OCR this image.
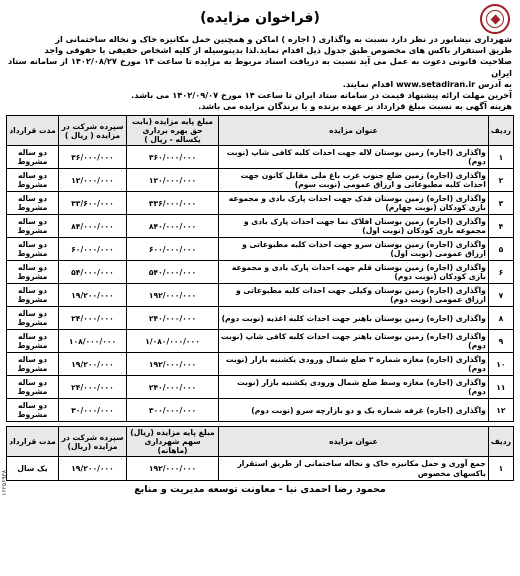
۱۶۲۵۶۹۳۸
(فراخوان مزایده)

شهرداری نیشابور در نظر دارد نسبت به واگذاری ( اجاره ) اماکن و همچنین حمل مکانیزه خاک و نخاله ساختمانی از

طریق استقرار باکس های مخصوص طبق جدول ذیل اقدام نماید.لذا بدینوسیله از کلیه اشخاص حقیقی یا حقوقی واجد

صلاحیت قانونی دعوت به عمل می آید نسبت به دریافت اسناد مربوط به مزایده تا ساعت ۱۴ مورخ ۱۴۰۲/۰۸/۲۷ از سامانه ستاد ایران

به آدرس www.setadiran.ir اقدام نمایند.

آخرین مهلت ارائه پیشنهاد قیمت در سامانه ستاد ایران تا ساعت ۱۴ مورخ ۱۴۰۲/۰۹/۰۷ می باشد.

هزینه آگهی به نسبت مبلغ قرارداد بر عهده برنده و یا برندگان مزایده می باشد.

ردیف	عنوان مزایده	مبلغ پایه مزایده (بابت حق بهره برداری یکساله - ریال )	سپرده شرکت در مزایده ( ریال )	مدت قرارداد
۱	واگذاری (اجاره) زمین بوستان لاله جهت احداث کلبه کافی شاپ (نوبت دوم)	۳۶۰/۰۰۰/۰۰۰	۳۶/۰۰۰/۰۰۰	دو ساله مشروط
۲	واگذاری (اجاره) زمین ضلع جنوب غرب باغ ملی مقابل کانون جهت احداث کلبه مطبوعاتی و ارزاق عمومی (نوبت سوم)	۱۲۰/۰۰۰/۰۰۰	۱۲/۰۰۰/۰۰۰	دو ساله مشروط
۳	واگذاری (اجاره) زمین بوستان فدک جهت احداث پارک بادی و مجموعه بازی کودکان (نوبت چهارم)	۳۳۶/۰۰۰/۰۰۰	۳۳/۶۰۰/۰۰۰	دو ساله مشروط
۴	واگذاری (اجاره) زمین بوستان افلاک نما جهت احداث پارک بادی و مجموعه بازی کودکان (نوبت اول)	۸۴۰/۰۰۰/۰۰۰	۸۴/۰۰۰/۰۰۰	دو ساله مشروط
۵	واگذاری (اجاره) زمین بوستان سرو جهت احداث کلبه مطبوعاتی و ارزاق عمومی (نوبت اول)	۶۰۰/۰۰۰/۰۰۰	۶۰/۰۰۰/۰۰۰	دو ساله مشروط
۶	واگذاری (اجاره) زمین بوستان قلم جهت احداث پارک بادی و مجموعه بازی کودکان (نوبت دوم)	۵۴۰/۰۰۰/۰۰۰	۵۴/۰۰۰/۰۰۰	دو ساله مشروط
۷	واگذاری (اجاره) زمین بوستان وکیلی جهت احداث کلبه مطبوعاتی و ارزاق عمومی (نوبت دوم)	۱۹۲/۰۰۰/۰۰۰	۱۹/۲۰۰/۰۰۰	دو ساله مشروط
۸	واگذاری (اجاره) زمین بوستان باهنر جهت احداث کلبه اغذیه (نوبت دوم)	۲۴۰/۰۰۰/۰۰۰	۲۴/۰۰۰/۰۰۰	دو ساله مشروط
۹	واگذاری (اجاره) زمین بوستان باهنر جهت احداث کلبه کافی شاپ (نوبت دوم)	۱/۰۸۰/۰۰۰/۰۰۰	۱۰۸/۰۰۰/۰۰۰	دو ساله مشروط
۱۰	واگذاری (اجاره) مغازه شماره ۲ ضلع شمال ورودی یکشنبه بازار (نوبت دوم)	۱۹۲/۰۰۰/۰۰۰	۱۹/۲۰۰/۰۰۰	دو ساله مشروط
۱۱	واگذاری (اجاره) مغازه وسط ضلع شمال ورودی یکشنبه بازار (نوبت دوم)	۲۴۰/۰۰۰/۰۰۰	۲۴/۰۰۰/۰۰۰	دو ساله مشروط
۱۲	واگذاری (اجاره) غرفه شماره یک و دو بازارچه سرو (نوبت دوم)	۳۰۰/۰۰۰/۰۰۰	۳۰/۰۰۰/۰۰۰	دو ساله مشروط
ردیف	عنوان مزایده	مبلغ پایه مزایده (ریال) سهم شهرداری (ماهانه)	سپرده شرکت در مزایده (ریال)	مدت قرارداد
۱	جمع آوری و حمل مکانیزه خاک و نخاله ساختمانی از طریق استقرار باکسهای مخصوص	۱۹۲/۰۰۰/۰۰۰	۱۹/۲۰۰/۰۰۰	یک سال
محمود رضا احمدی نیا - معاونت توسعه مدیریت و منابع
